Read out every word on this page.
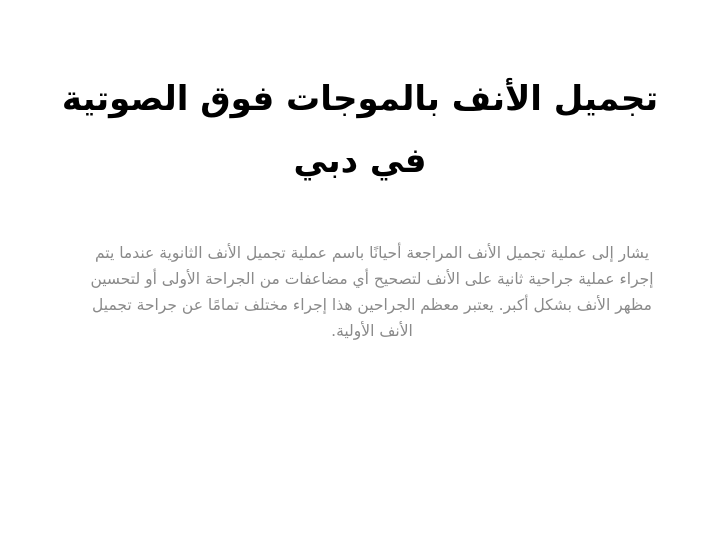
تجميل الأنف بالموجات فوق الصوتية في دبي

يشار إلى عملية تجميل الأنف المراجعة أحيانًا باسم عملية تجميل الأنف الثانوية عندما يتم إجراء عملية جراحية ثانية على الأنف لتصحيح أي مضاعفات من الجراحة الأولى أو لتحسين مظهر الأنف بشكل أكبر. يعتبر معظم الجراحين هذا إجراء مختلف تمامًا عن جراحة تجميل الأنف الأولية.
